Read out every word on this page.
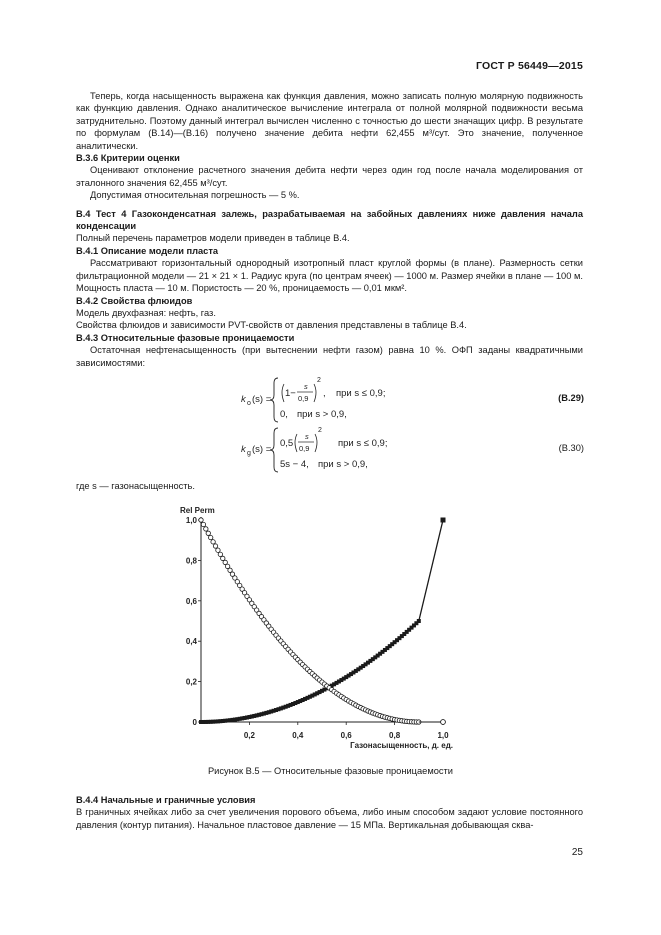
ГОСТ Р 56449—2015

Теперь, когда насыщенность выражена как функция давления, можно записать полную молярную подвижность как функцию давления. Однако аналитическое вычисление интеграла от полной молярной подвижности весьма затруднительно. Поэтому данный интеграл вычислен численно с точностью до шести значащих цифр. В результате по формулам (В.14)—(В.16) получено значение дебита нефти 62,455 м³/сут. Это значение, полученное аналитически.

В.3.6 Критерии оценки

Оценивают отклонение расчетного значения дебита нефти через один год после начала моделирования от эталонного значения 62,455 м³/сут.

Допустимая относительная погрешность — 5 %.

В.4 Тест 4 Газоконденсатная залежь, разрабатываемая на забойных давлениях ниже давления начала конденсации

Полный перечень параметров модели приведен в таблице В.4.

В.4.1 Описание модели пласта

Рассматривают горизонтальный однородный изотропный пласт круглой формы (в плане). Размерность сетки фильтрационной модели — 21 × 21 × 1. Радиус круга (по центрам ячеек) — 1000 м. Размер ячейки в плане — 100 м. Мощность пласта — 10 м. Пористость — 20 %, проницаемость — 0,01 мкм².

В.4.2 Свойства флюидов

Модель двухфазная: нефть, газ.

Свойства флюидов и зависимости PVT-свойств от давления представлены в таблице В.4.

В.4.3 Относительные фазовые проницаемости

Остаточная нефтенасыщенность (при вытеснении нефти газом) равна 10 %. ОФП заданы квадратичными зависимостями:

k o (s) =
1−
s
0,9
2
, при s ≤ 0,9;
0, при s > 0,9,
k g (s) =
0,5
s
0,9
2
при s ≤ 0,9;
5s − 4, при s > 0,9,
(В.29)
(В.30)

где s — газонасыщенность.

Rel Perm
0
0,2
0,4
0,6
0,8
1,0
0,2	0,4	0,6	0,8	1,0
Газонасыщенность, д. ед.
Рисунок В.5 — Относительные фазовые проницаемости

В.4.4 Начальные и граничные условия

В граничных ячейках либо за счет увеличения порового объема, либо иным способом задают условие постоянного давления (контур питания). Начальное пластовое давление — 15 МПа. Вертикальная добывающая сква-

25
